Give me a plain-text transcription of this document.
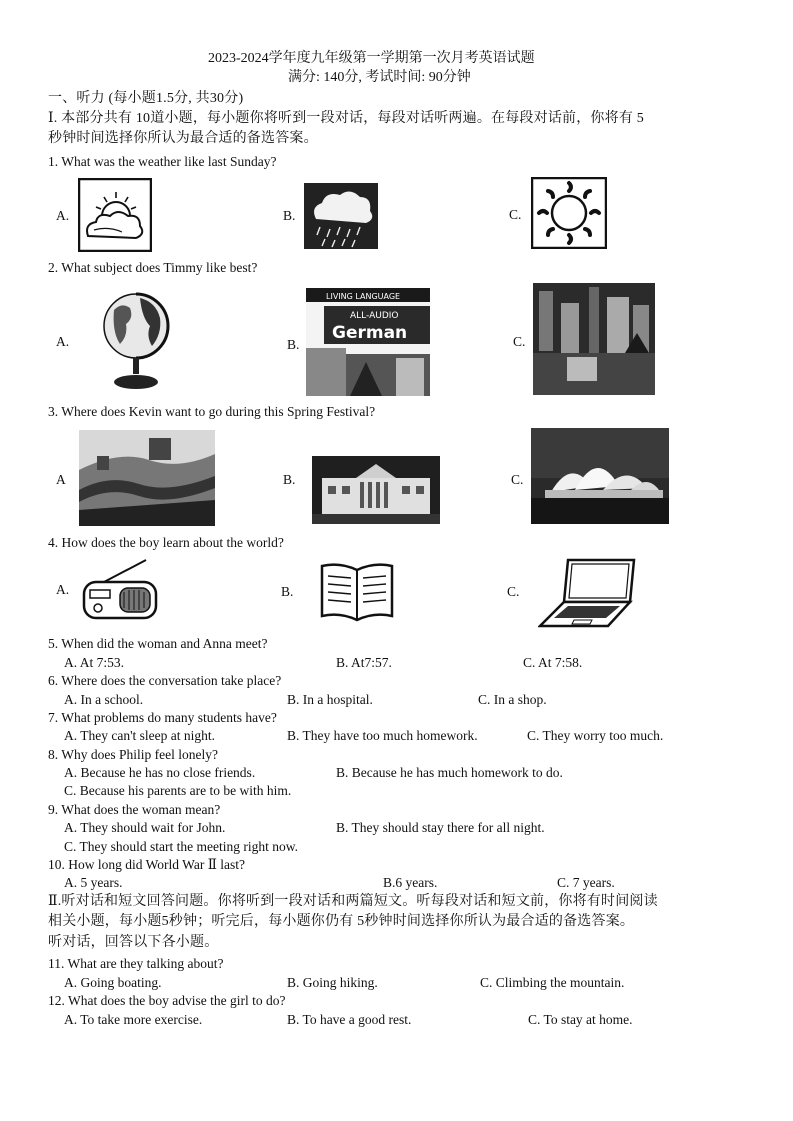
2023-2024学年度九年级第一学期第一次月考英语试题
满分: 140分, 考试时间: 90分钟
一、听力 (每小题1.5分, 共30分)
Ⅰ. 本部分共有 10道小题，每小题你将听到一段对话，每段对话听两遍。在每段对话前，你将有 5
秒钟时间选择你所认为最合适的备选答案。
1. What was the weather like last Sunday?
A.	B.	C.
2. What subject does Timmy like best?
A.	B.
LIVING LANGUAGE
ALL-AUDIO
German	C.
3. Where does Kevin want to go during this Spring Festival?
A	B.	C.
4. How does the boy learn about the world?
A.	B.	C.
5. When did the woman and Anna meet?
A. At 7:53.	B. At7:57.	C. At 7:58.
6. Where does the conversation take place?
A. In a school.	B. In a hospital.	C. In a shop.
7. What problems do many students have?
A. They can't sleep at night.	B. They have too much homework.	C. They worry too much.
8. Why does Philip feel lonely?
A. Because he has no close friends.	B. Because he has much homework to do.
C. Because his parents are to be with him.
9. What does the woman mean?
A. They should wait for John.	B. They should stay there for all night.
C. They should start the meeting right now.
10. How long did World War Ⅱ last?
A. 5 years.	B.6 years.	C. 7 years.
Ⅱ.听对话和短文回答问题。你将听到一段对话和两篇短文。听每段对话和短文前，你将有时间阅读
相关小题，每小题5秒钟；听完后，每小题你仍有 5秒钟时间选择你所认为最合适的备选答案。
听对话，回答以下各小题。
11. What are they talking about?
A. Going boating.	B. Going hiking.	C. Climbing the mountain.
12. What does the boy advise the girl to do?
A. To take more exercise.	B. To have a good rest.	C. To stay at home.
